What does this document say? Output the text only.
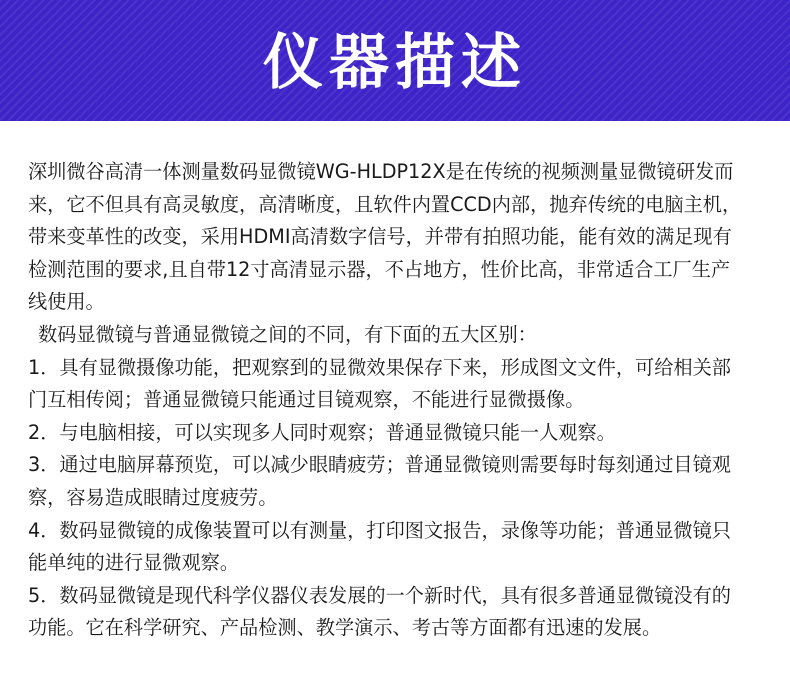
仪器描述
深圳微谷高清一体测量数码显微镜WG-HLDP12X是在传统的视频测量显微镜研发而
来，它不但具有高灵敏度，高清晰度，且软件内置CCD内部，抛弃传统的电脑主机，
带来变革性的改变，采用HDMI高清数字信号，并带有拍照功能，能有效的满足现有
检测范围的要求,且自带12寸高清显示器，不占地方，性价比高，非常适合工厂生产
线使用。
数码显微镜与普通显微镜之间的不同，有下面的五大区别：
1．具有显微摄像功能，把观察到的显微效果保存下来，形成图文文件，可给相关部
门互相传阅；普通显微镜只能通过目镜观察，不能进行显微摄像。
2．与电脑相接，可以实现多人同时观察；普通显微镜只能一人观察。
3．通过电脑屏幕预览，可以减少眼睛疲劳；普通显微镜则需要每时每刻通过目镜观
察，容易造成眼睛过度疲劳。
4．数码显微镜的成像装置可以有测量，打印图文报告，录像等功能；普通显微镜只
能单纯的进行显微观察。
5．数码显微镜是现代科学仪器仪表发展的一个新时代，具有很多普通显微镜没有的
功能。它在科学研究、产品检测、教学演示、考古等方面都有迅速的发展。
